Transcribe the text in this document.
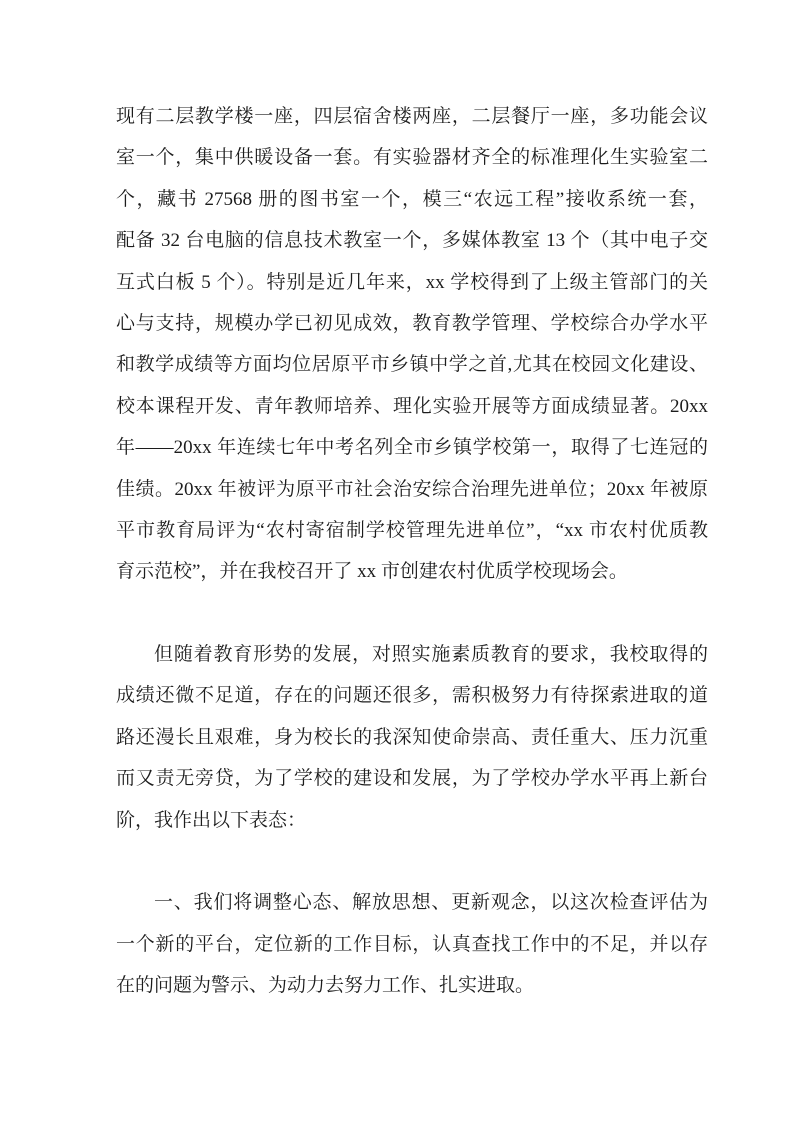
现有二层教学楼一座，四层宿舍楼两座，二层餐厅一座，多功能会议
室一个，集中供暖设备一套。有实验器材齐全的标准理化生实验室二
个，藏书 27568 册的图书室一个，模三“农远工程”接收系统一套，
配备 32 台电脑的信息技术教室一个，多媒体教室 13 个（其中电子交
互式白板 5 个）。特别是近几年来，xx 学校得到了上级主管部门的关
心与支持，规模办学已初见成效，教育教学管理、学校综合办学水平
和教学成绩等方面均位居原平市乡镇中学之首,尤其在校园文化建设、
校本课程开发、青年教师培养、理化实验开展等方面成绩显著。20xx
年——20xx 年连续七年中考名列全市乡镇学校第一，取得了七连冠的
佳绩。20xx 年被评为原平市社会治安综合治理先进单位；20xx 年被原
平市教育局评为“农村寄宿制学校管理先进单位”，“xx 市农村优质教
育示范校”，并在我校召开了 xx 市创建农村优质学校现场会。
但随着教育形势的发展，对照实施素质教育的要求，我校取得的
成绩还微不足道，存在的问题还很多，需积极努力有待探索进取的道
路还漫长且艰难，身为校长的我深知使命崇高、责任重大、压力沉重
而又责无旁贷，为了学校的建设和发展，为了学校办学水平再上新台
阶，我作出以下表态：
一、我们将调整心态、解放思想、更新观念，以这次检查评估为
一个新的平台，定位新的工作目标，认真查找工作中的不足，并以存
在的问题为警示、为动力去努力工作、扎实进取。
